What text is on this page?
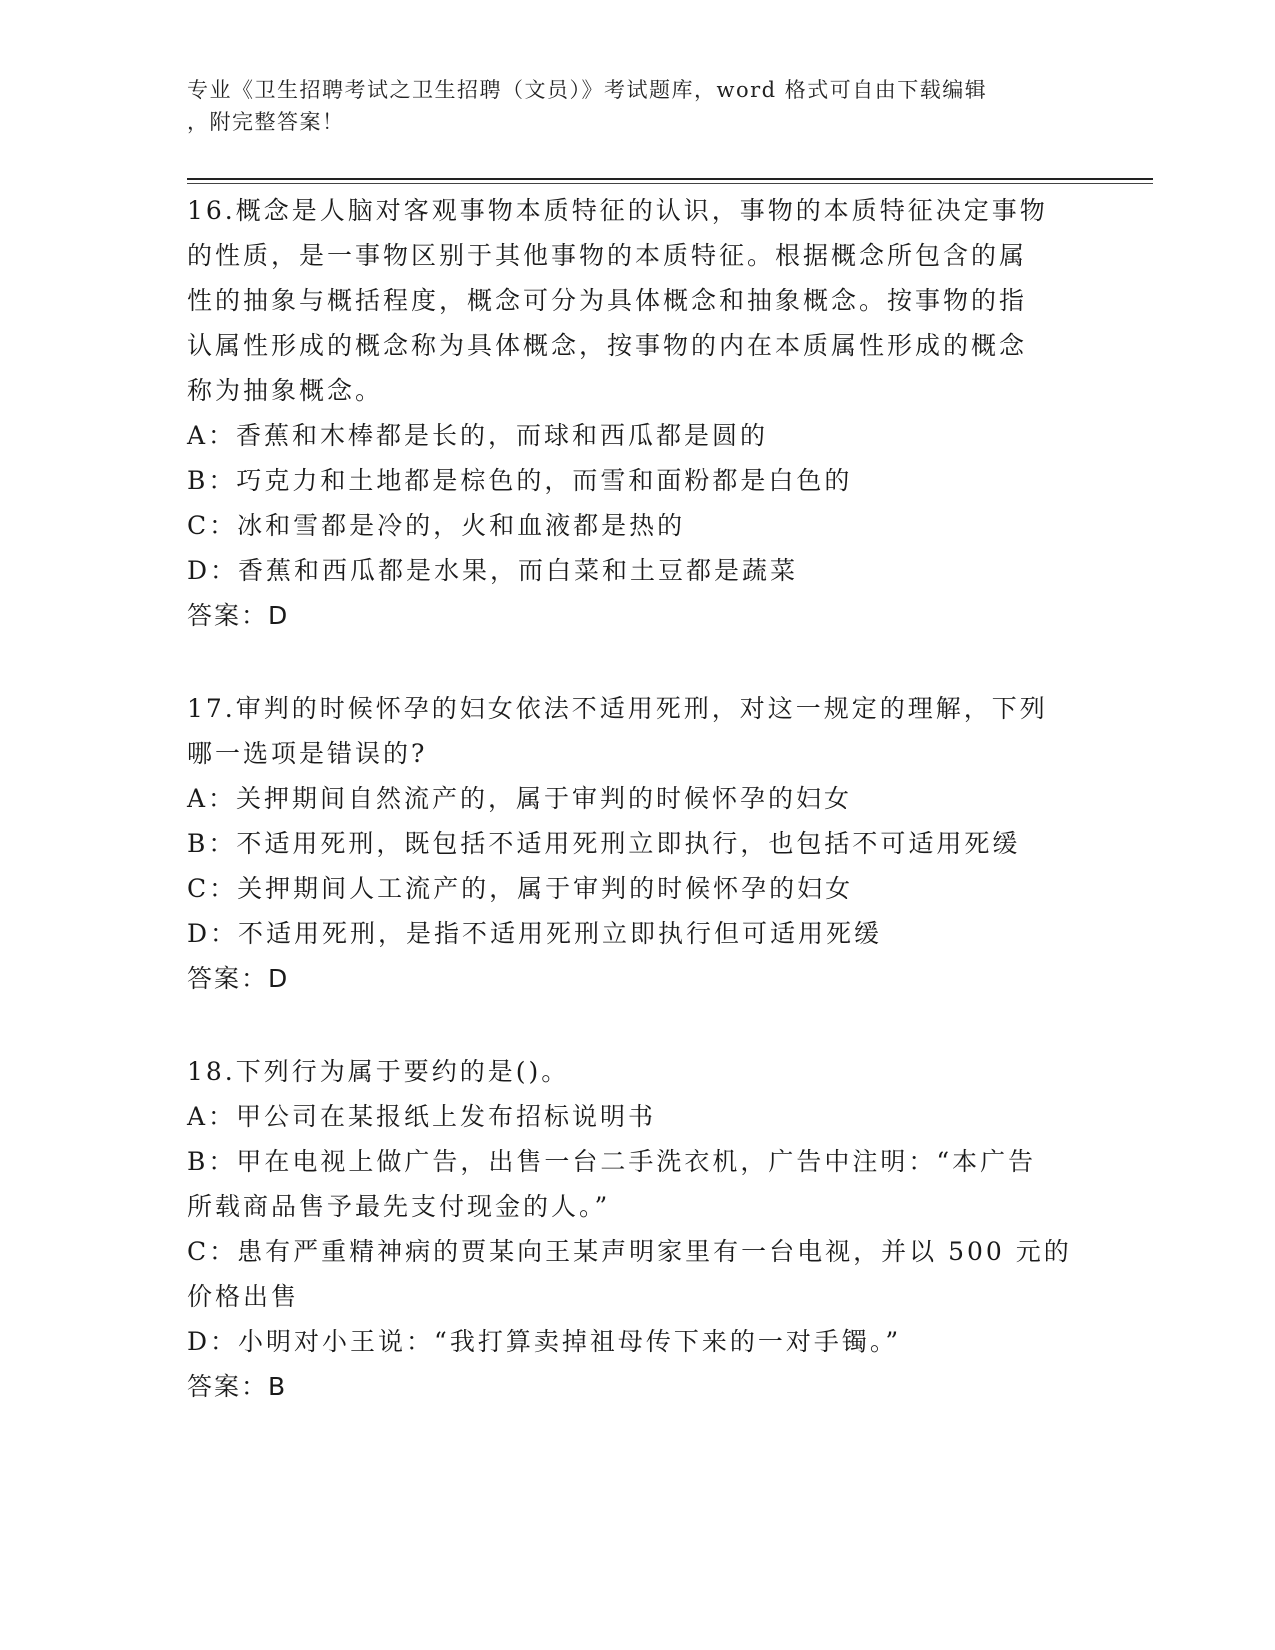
专业《卫生招聘考试之卫生招聘（文员）》考试题库，word 格式可自由下载编辑
，附完整答案！

16.概念是人脑对客观事物本质特征的认识，事物的本质特征决定事物

的性质，是一事物区别于其他事物的本质特征。根据概念所包含的属

性的抽象与概括程度，概念可分为具体概念和抽象概念。按事物的指

认属性形成的概念称为具体概念，按事物的内在本质属性形成的概念

称为抽象概念。

A：香蕉和木棒都是长的，而球和西瓜都是圆的

B：巧克力和土地都是棕色的，而雪和面粉都是白色的

C：冰和雪都是冷的，火和血液都是热的

D：香蕉和西瓜都是水果，而白菜和土豆都是蔬菜

答案：D

17.审判的时候怀孕的妇女依法不适用死刑，对这一规定的理解，下列

哪一选项是错误的?

A：关押期间自然流产的，属于审判的时候怀孕的妇女

B：不适用死刑，既包括不适用死刑立即执行，也包括不可适用死缓

C：关押期间人工流产的，属于审判的时候怀孕的妇女

D：不适用死刑，是指不适用死刑立即执行但可适用死缓

答案：D

18.下列行为属于要约的是()。

A：甲公司在某报纸上发布招标说明书

B：甲在电视上做广告，出售一台二手洗衣机，广告中注明：“本广告

所载商品售予最先支付现金的人。”

C：患有严重精神病的贾某向王某声明家里有一台电视，并以 500 元的

价格出售

D：小明对小王说：“我打算卖掉祖母传下来的一对手镯。”

答案：B
